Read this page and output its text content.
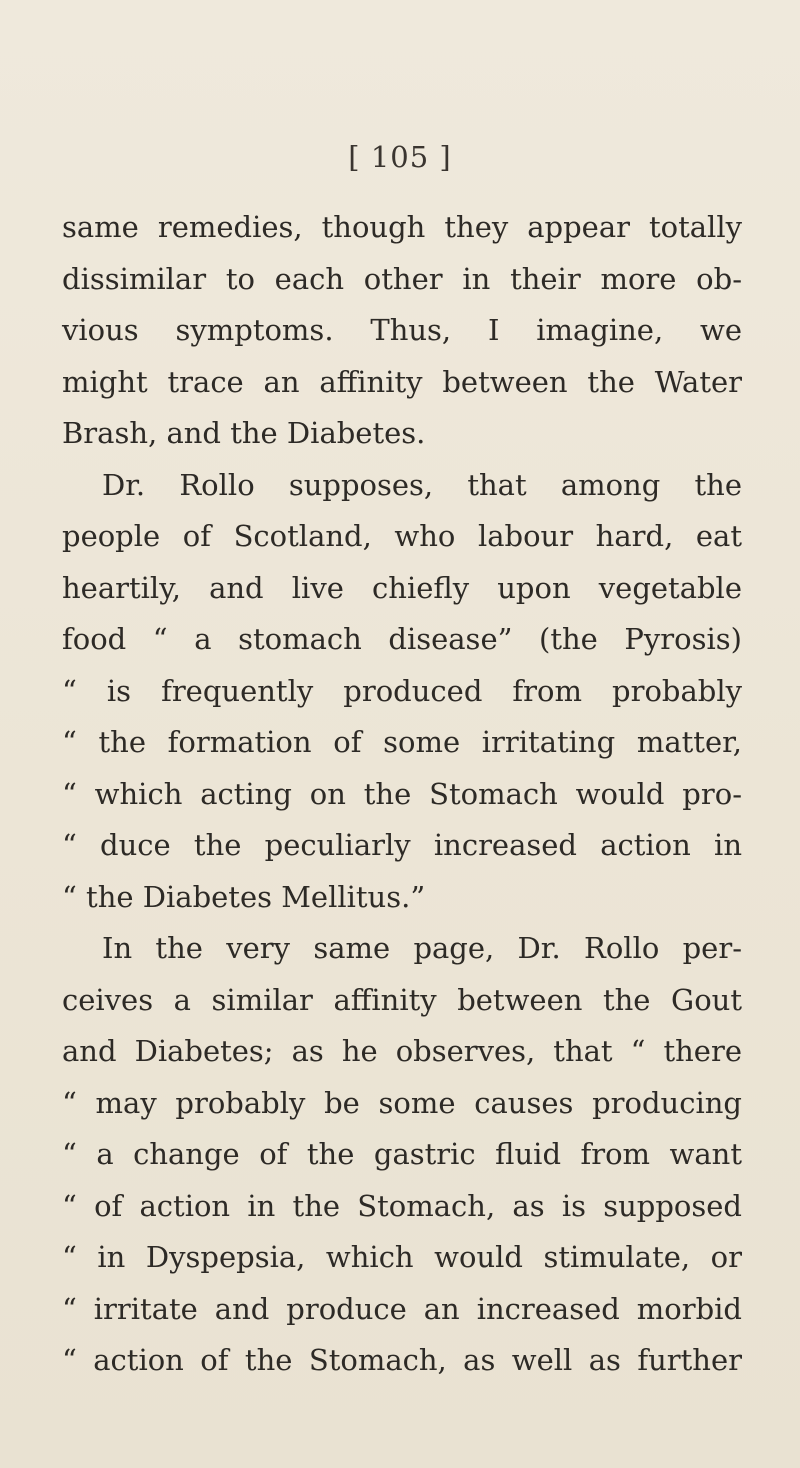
[ 105 ]
same remedies, though they appear totally
dissimilar to each other in their more ob-
vious symptoms. Thus, I imagine, we
might trace an affinity between the Water
Brash, and the Diabetes.
Dr. Rollo supposes, that among the
people of Scotland, who labour hard, eat
heartily, and live chiefly upon vegetable
food “ a stomach disease” (the Pyrosis)
“ is frequently produced from probably
“ the formation of some irritating matter,
“ which acting on the Stomach would pro-
“ duce the peculiarly increased action in
“ the Diabetes Mellitus.”
In the very same page, Dr. Rollo per-
ceives a similar affinity between the Gout
and Diabetes; as he observes, that “ there
“ may probably be some causes producing
“ a change of the gastric fluid from want
“ of action in the Stomach, as is supposed
“ in Dyspepsia, which would stimulate, or
“ irritate and produce an increased morbid
“ action of the Stomach, as well as further
